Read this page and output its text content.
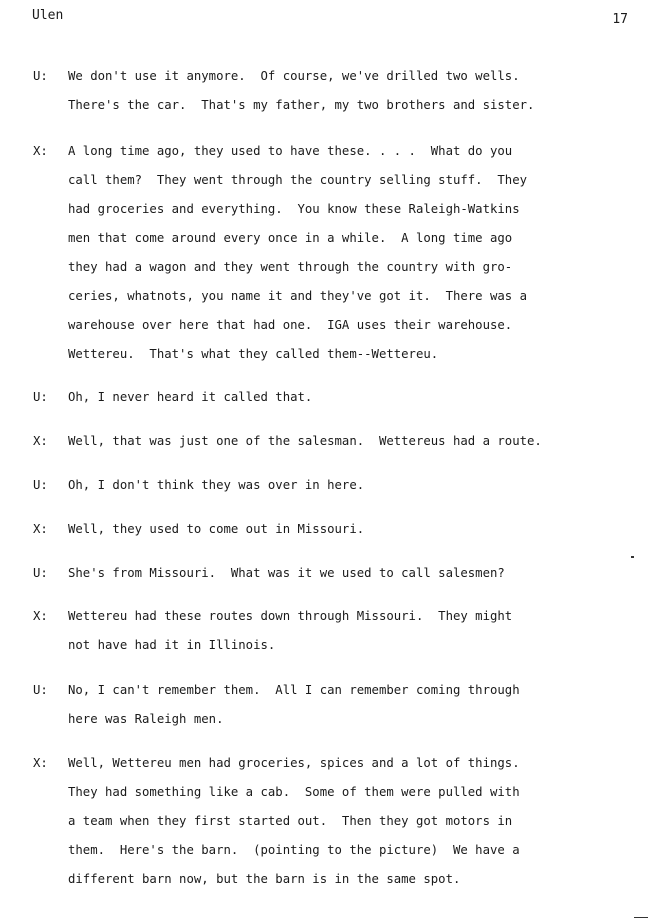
Ulen	17
U:	We don't use it anymore.  Of course, we've drilled two wells.
There's the car.  That's my father, my two brothers and sister.
X:	A long time ago, they used to have these. . . .  What do you
call them?  They went through the country selling stuff.  They
had groceries and everything.  You know these Raleigh-Watkins
men that come around every once in a while.  A long time ago
they had a wagon and they went through the country with gro-
ceries, whatnots, you name it and they've got it.  There was a
warehouse over here that had one.  IGA uses their warehouse.
Wettereu.  That's what they called them--Wettereu.
U:	Oh, I never heard it called that.
X:	Well, that was just one of the salesman.  Wettereus had a route.
U:	Oh, I don't think they was over in here.
X:	Well, they used to come out in Missouri.
U:	She's from Missouri.  What was it we used to call salesmen?
X:	Wettereu had these routes down through Missouri.  They might
not have had it in Illinois.
U:	No, I can't remember them.  All I can remember coming through
here was Raleigh men.
X:	Well, Wettereu men had groceries, spices and a lot of things.
They had something like a cab.  Some of them were pulled with
a team when they first started out.  Then they got motors in
them.  Here's the barn.  (pointing to the picture)  We have a
different barn now, but the barn is in the same spot.
